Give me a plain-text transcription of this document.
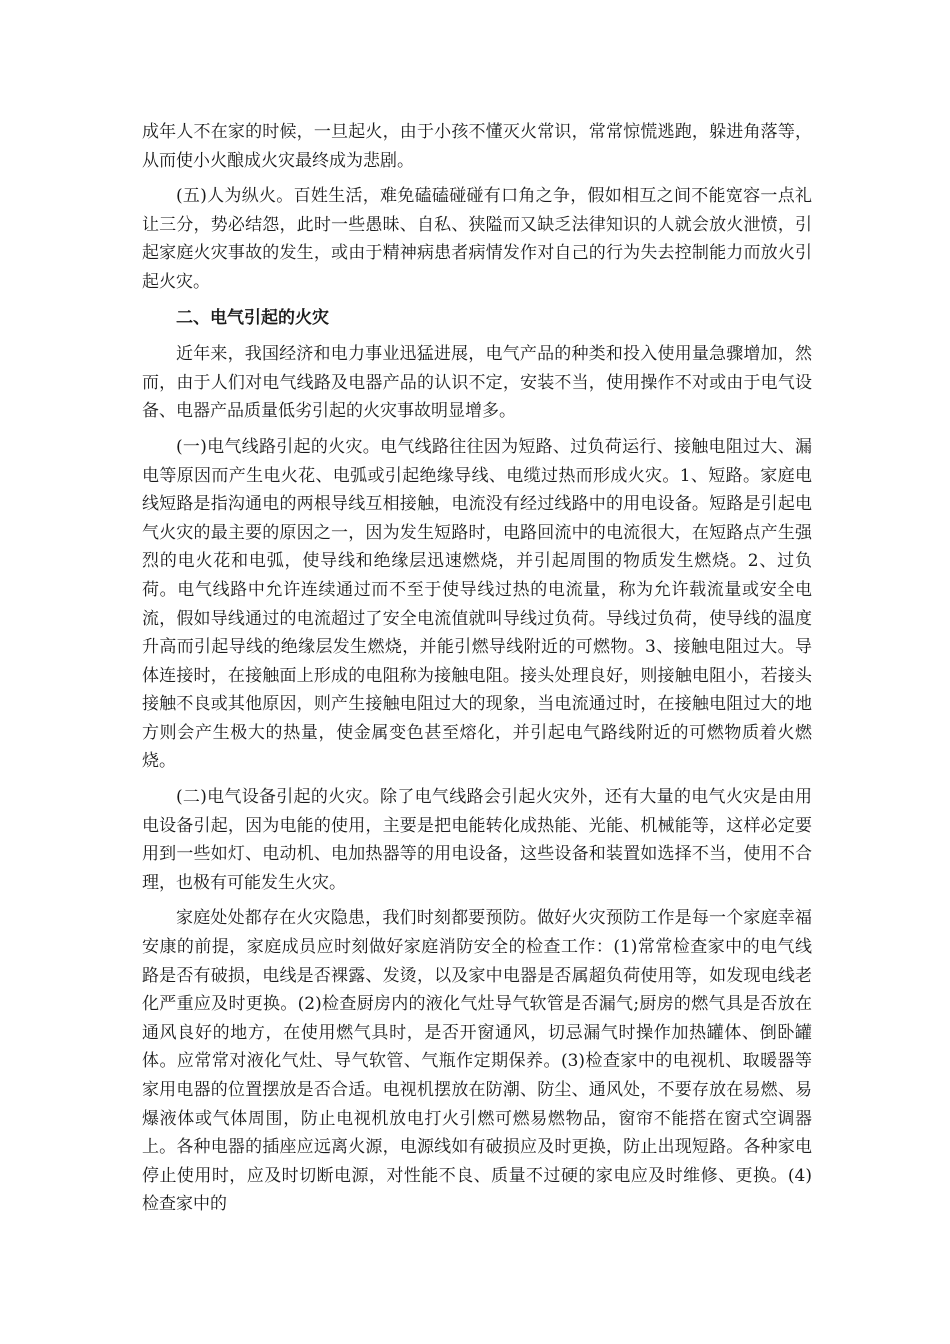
成年人不在家的时候，一旦起火，由于小孩不懂灭火常识，常常惊慌逃跑，躲进角落等，从而使小火酿成火灾最终成为悲剧。

(五)人为纵火。百姓生活，难免磕磕碰碰有口角之争，假如相互之间不能宽容一点礼让三分，势必结怨，此时一些愚昧、自私、狭隘而又缺乏法律知识的人就会放火泄愤，引起家庭火灾事故的发生，或由于精神病患者病情发作对自己的行为失去控制能力而放火引起火灾。

二、电气引起的火灾

近年来，我国经济和电力事业迅猛进展，电气产品的种类和投入使用量急骤增加，然而，由于人们对电气线路及电器产品的认识不定，安装不当，使用操作不对或由于电气设备、电器产品质量低劣引起的火灾事故明显增多。

(一)电气线路引起的火灾。电气线路往往因为短路、过负荷运行、接触电阻过大、漏电等原因而产生电火花、电弧或引起绝缘导线、电缆过热而形成火灾。1、短路。家庭电线短路是指沟通电的两根导线互相接触，电流没有经过线路中的用电设备。短路是引起电气火灾的最主要的原因之一，因为发生短路时，电路回流中的电流很大，在短路点产生强烈的电火花和电弧，使导线和绝缘层迅速燃烧，并引起周围的物质发生燃烧。2、过负荷。电气线路中允许连续通过而不至于使导线过热的电流量，称为允许载流量或安全电流，假如导线通过的电流超过了安全电流值就叫导线过负荷。导线过负荷，使导线的温度升高而引起导线的绝缘层发生燃烧，并能引燃导线附近的可燃物。3、接触电阻过大。导体连接时，在接触面上形成的电阻称为接触电阻。接头处理良好，则接触电阻小，若接头接触不良或其他原因，则产生接触电阻过大的现象，当电流通过时，在接触电阻过大的地方则会产生极大的热量，使金属变色甚至熔化，并引起电气路线附近的可燃物质着火燃烧。

(二)电气设备引起的火灾。除了电气线路会引起火灾外，还有大量的电气火灾是由用电设备引起，因为电能的使用，主要是把电能转化成热能、光能、机械能等，这样必定要用到一些如灯、电动机、电加热器等的用电设备，这些设备和装置如选择不当，使用不合理，也极有可能发生火灾。

家庭处处都存在火灾隐患，我们时刻都要预防。做好火灾预防工作是每一个家庭幸福安康的前提，家庭成员应时刻做好家庭消防安全的检查工作：(1)常常检查家中的电气线路是否有破损，电线是否裸露、发烫，以及家中电器是否属超负荷使用等，如发现电线老化严重应及时更换。(2)检查厨房内的液化气灶导气软管是否漏气;厨房的燃气具是否放在通风良好的地方，在使用燃气具时，是否开窗通风，切忌漏气时操作加热罐体、倒卧罐体。应常常对液化气灶、导气软管、气瓶作定期保养。(3)检查家中的电视机、取暖器等家用电器的位置摆放是否合适。电视机摆放在防潮、防尘、通风处，不要存放在易燃、易爆液体或气体周围，防止电视机放电打火引燃可燃易燃物品，窗帘不能搭在窗式空调器上。各种电器的插座应远离火源，电源线如有破损应及时更换，防止出现短路。各种家电停止使用时，应及时切断电源，对性能不良、质量不过硬的家电应及时维修、更换。(4)检查家中的
